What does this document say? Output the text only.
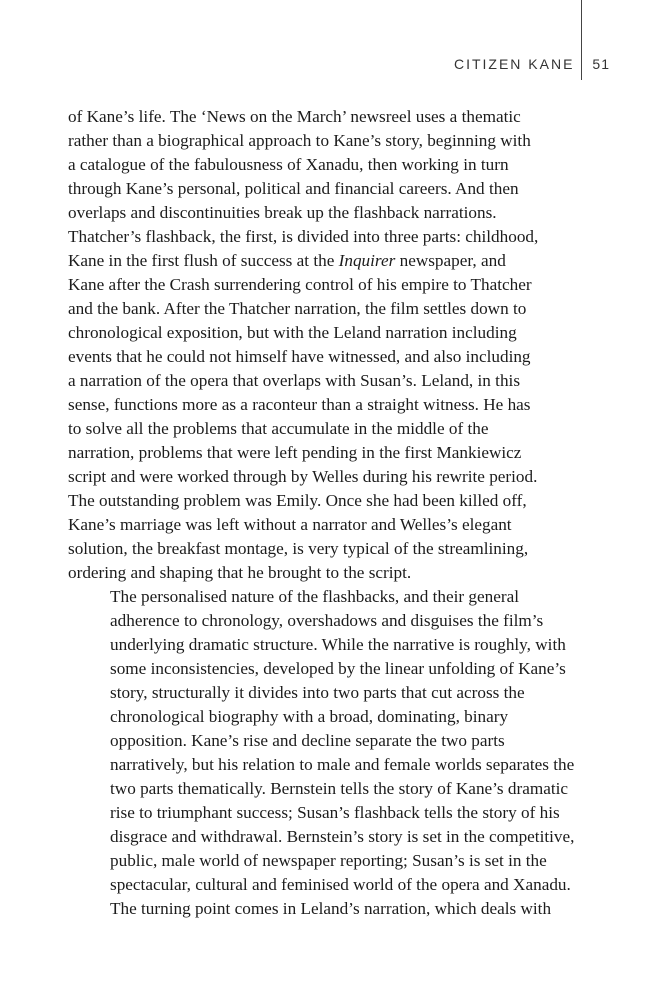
CITIZEN KANE	51

of Kane’s life. The ‘News on the March’ newsreel uses a thematic
rather than a biographical approach to Kane’s story, beginning with
a catalogue of the fabulousness of Xanadu, then working in turn
through Kane’s personal, political and financial careers. And then
overlaps and discontinuities break up the flashback narrations.
Thatcher’s flashback, the first, is divided into three parts: childhood,
Kane in the first flush of success at the Inquirer newspaper, and
Kane after the Crash surrendering control of his empire to Thatcher
and the bank. After the Thatcher narration, the film settles down to
chronological exposition, but with the Leland narration including
events that he could not himself have witnessed, and also including
a narration of the opera that overlaps with Susan’s. Leland, in this
sense, functions more as a raconteur than a straight witness. He has
to solve all the problems that accumulate in the middle of the
narration, problems that were left pending in the first Mankiewicz
script and were worked through by Welles during his rewrite period.
The outstanding problem was Emily. Once she had been killed off,
Kane’s marriage was left without a narrator and Welles’s elegant
solution, the breakfast montage, is very typical of the streamlining,
ordering and shaping that he brought to the script.

The personalised nature of the flashbacks, and their general
adherence to chronology, overshadows and disguises the film’s
underlying dramatic structure. While the narrative is roughly, with
some inconsistencies, developed by the linear unfolding of Kane’s
story, structurally it divides into two parts that cut across the
chronological biography with a broad, dominating, binary
opposition. Kane’s rise and decline separate the two parts
narratively, but his relation to male and female worlds separates the
two parts thematically. Bernstein tells the story of Kane’s dramatic
rise to triumphant success; Susan’s flashback tells the story of his
disgrace and withdrawal. Bernstein’s story is set in the competitive,
public, male world of newspaper reporting; Susan’s is set in the
spectacular, cultural and feminised world of the opera and Xanadu.
The turning point comes in Leland’s narration, which deals with
